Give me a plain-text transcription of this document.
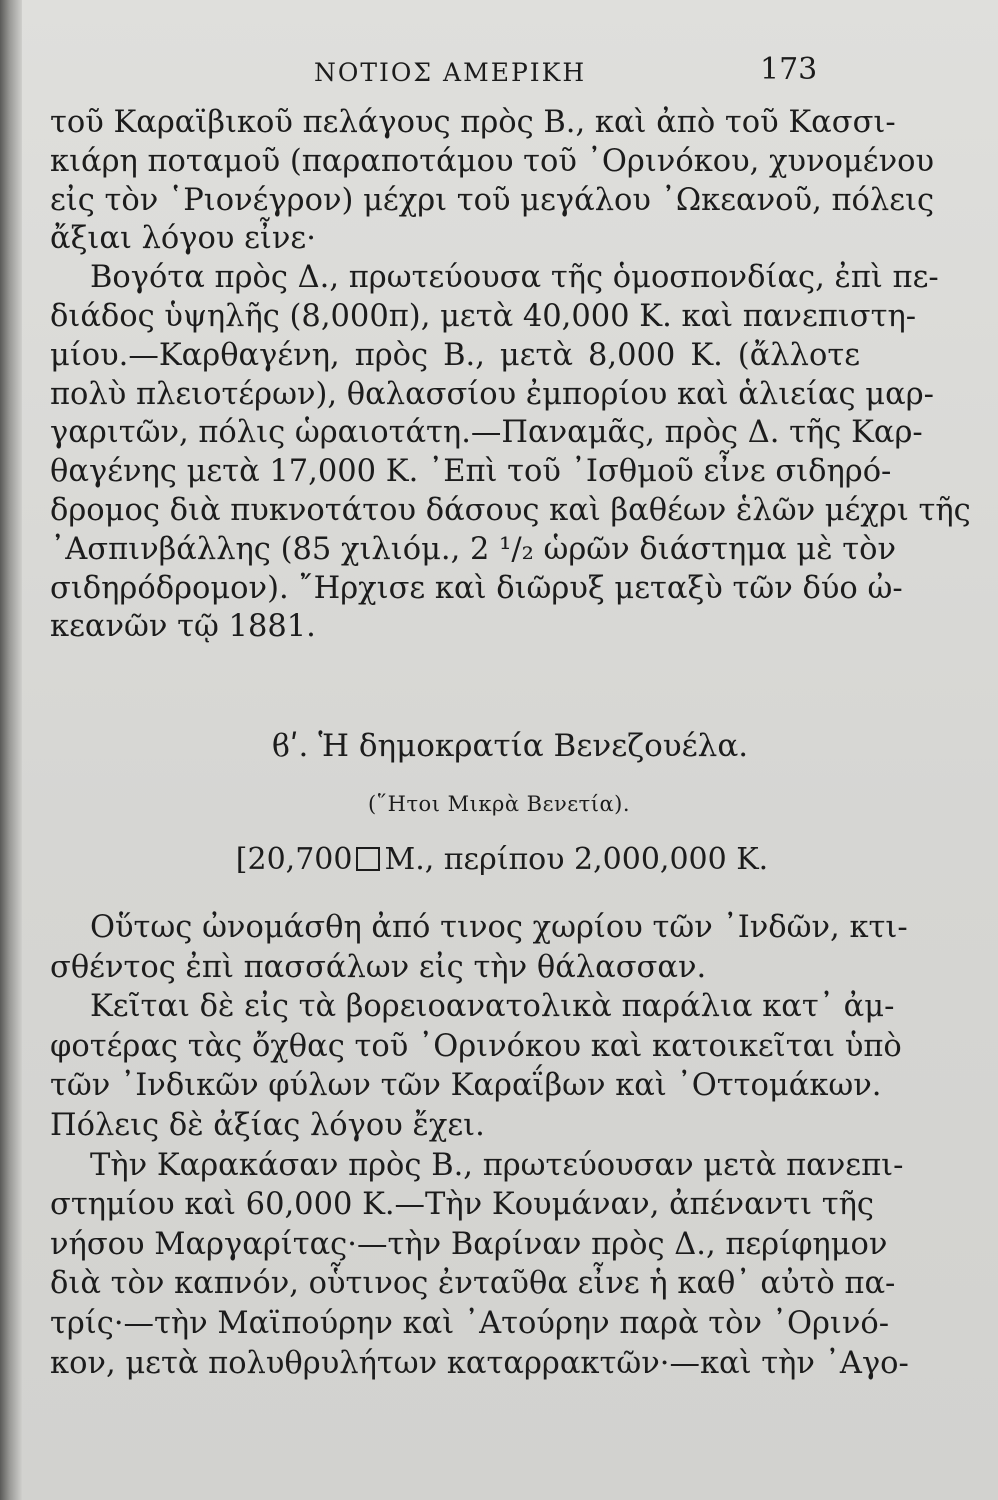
ΝΟΤΙΟΣ ΑΜΕΡΙΚΗ	173
τοῦ Καραϊβικοῦ πελάγους πρὸς Β., καὶ ἀπὸ τοῦ Κασσι-
κιάρη ποταμοῦ (παραποτάμου τοῦ ᾿Ορινόκου, χυνομένου
εἰς τὸν ῾Ριονέγρον) μέχρι τοῦ μεγάλου ᾿Ωκεανοῦ, πόλεις
ἄξιαι λόγου εἶνε·
Βογότα πρὸς Δ., πρωτεύουσα τῆς ὁμοσπονδίας, ἐπὶ πε-
διάδος ὑψηλῆς (8,000π), μετὰ 40,000 Κ. καὶ πανεπιστη-
μίου.—Καρθαγένη, πρὸς Β., μετὰ 8,000 Κ. (ἄλλοτε
πολὺ πλειοτέρων), θαλασσίου ἐμπορίου καὶ ἁλιείας μαρ-
γαριτῶν, πόλις ὡραιοτάτη.—Παναμᾶς, πρὸς Δ. τῆς Καρ-
θαγένης μετὰ 17,000 Κ. ᾿Επὶ τοῦ ᾿Ισθμοῦ εἶνε σιδηρό-
δρομος διὰ πυκνοτάτου δάσους καὶ βαθέων ἑλῶν μέχρι τῆς
᾿Ασπινβάλλης (85 χιλιόμ., 2 ¹/₂ ὡρῶν διάστημα μὲ τὸν
σιδηρόδρομον). ῎Ηρχισε καὶ διῶρυξ μεταξὺ τῶν δύο ὠ-
κεανῶν τῷ 1881.
ϐʹ. Ἡ δημοκρατία Βενεζουέλα.
(῞Ητοι Μικρὰ Βενετία).
[20,700 Μ., περίπου 2,000,000 Κ.
Οὕτως ὠνομάσθη ἀπό τινος χωρίου τῶν ᾿Ινδῶν, κτι-
σθέντος ἐπὶ πασσάλων εἰς τὴν θάλασσαν.
Κεῖται δὲ εἰς τὰ βορειοανατολικὰ παράλια κατ᾿ ἀμ-
φοτέρας τὰς ὄχθας τοῦ ᾿Ορινόκου καὶ κατοικεῖται ὑπὸ
τῶν ᾿Ινδικῶν φύλων τῶν Καραΐβων καὶ ᾿Οττομάκων.
Πόλεις δὲ ἀξίας λόγου ἔχει.
Τὴν Καρακάσαν πρὸς Β., πρωτεύουσαν μετὰ πανεπι-
στημίου καὶ 60,000 Κ.—Τὴν Κουμάναν, ἀπέναντι τῆς
νήσου Μαργαρίτας·—τὴν Βαρίναν πρὸς Δ., περίφημον
διὰ τὸν καπνόν, οὗτινος ἐνταῦθα εἶνε ἡ καθ᾿ αὐτὸ πα-
τρίς·—τὴν Μαϊπούρην καὶ ᾿Ατούρην παρὰ τὸν ᾿Ορινό-
κον, μετὰ πολυθρυλήτων καταρρακτῶν·—καὶ τὴν ᾿Αγο-
